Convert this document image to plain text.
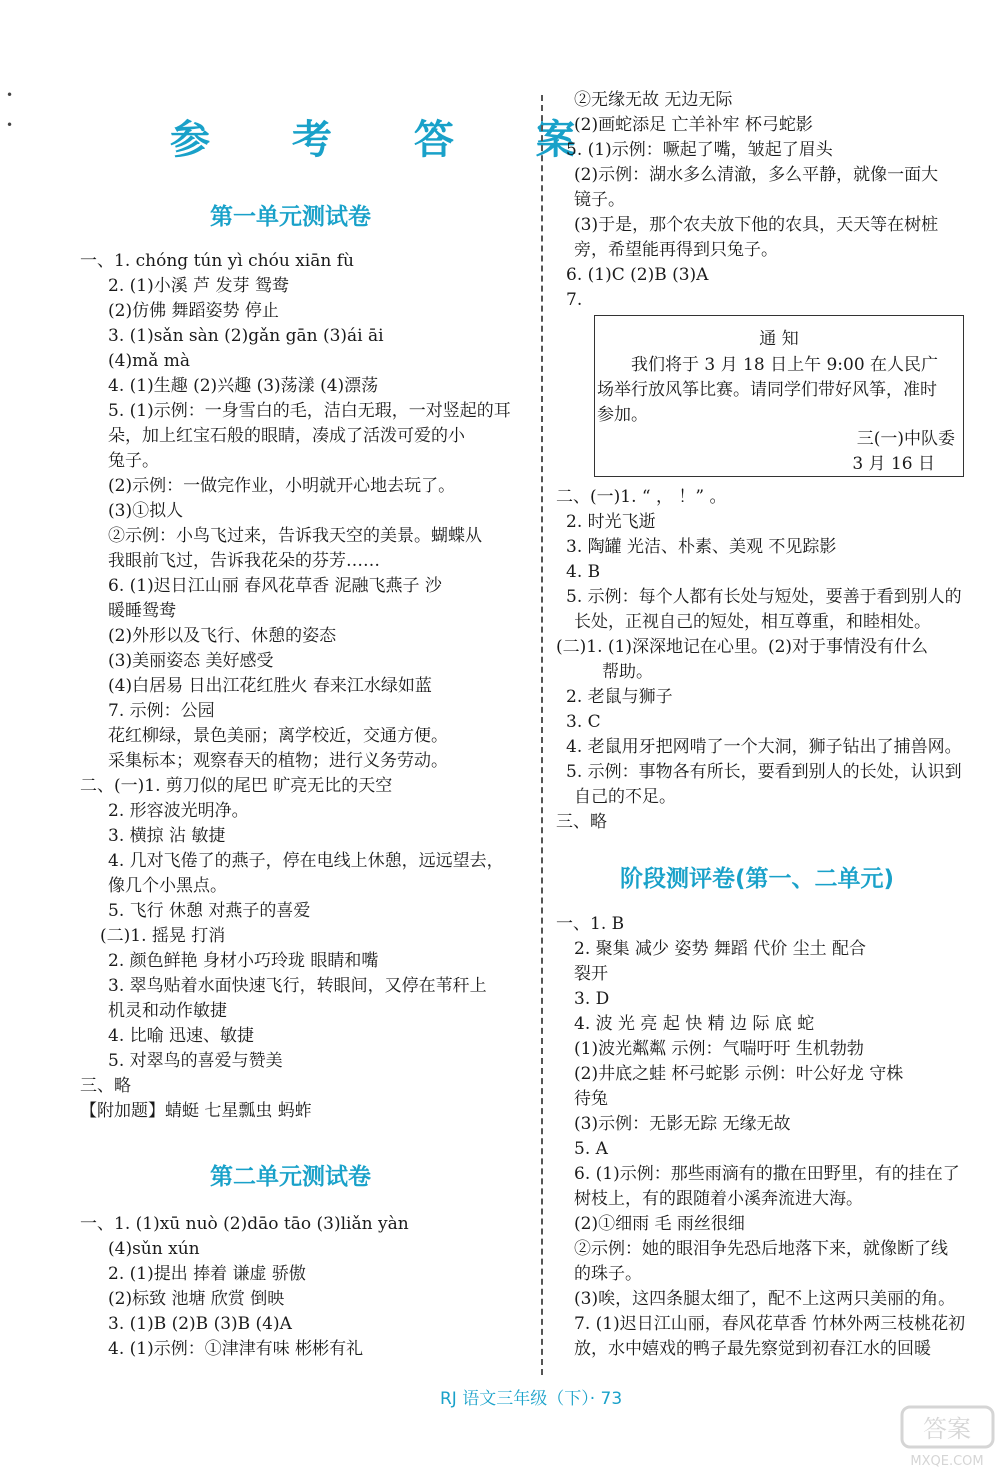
•
•	参 考 答 案
第一单元测试卷
第二单元测试卷
阶段测评卷(第一、二单元)
一、1. chóng tún yì chóu xiān fù
2. (1)小溪 芦 发芽 鸳鸯
(2)仿佛 舞蹈姿势 停止
3. (1)sǎn sàn (2)gǎn gān (3)ái āi
(4)mǎ mà
4. (1)生趣 (2)兴趣 (3)荡漾 (4)漂荡
5. (1)示例：一身雪白的毛，洁白无瑕，一对竖起的耳
朵，加上红宝石般的眼睛，凑成了活泼可爱的小
兔子。
(2)示例：一做完作业，小明就开心地去玩了。
(3)①拟人
②示例：小鸟飞过来，告诉我天空的美景。蝴蝶从
我眼前飞过，告诉我花朵的芬芳……
6. (1)迟日江山丽 春风花草香 泥融飞燕子 沙
暖睡鸳鸯
(2)外形以及飞行、休憩的姿态
(3)美丽姿态 美好感受
(4)白居易 日出江花红胜火 春来江水绿如蓝
7. 示例：公园
花红柳绿，景色美丽；离学校近，交通方便。
采集标本；观察春天的植物；进行义务劳动。
二、(一)1. 剪刀似的尾巴 旷亮无比的天空
2. 形容波光明净。
3. 横掠 沾 敏捷
4. 几对飞倦了的燕子，停在电线上休憩，远远望去，
像几个小黑点。
5. 飞行 休憩 对燕子的喜爱
(二)1. 摇晃 打消
2. 颜色鲜艳 身材小巧玲珑 眼睛和嘴
3. 翠鸟贴着水面快速飞行，转眼间，又停在苇秆上
机灵和动作敏捷
4. 比喻 迅速、敏捷
5. 对翠鸟的喜爱与赞美
三、略
【附加题】蜻蜓 七星瓢虫 蚂蚱
一、1. (1)xū nuò (2)dāo tāo (3)liǎn yàn
(4)sǔn xún
2. (1)提出 捧着 谦虚 骄傲
(2)标致 池塘 欣赏 倒映
3. (1)B (2)B (3)B (4)A
4. (1)示例：①津津有味 彬彬有礼
②无缘无故 无边无际
(2)画蛇添足 亡羊补牢 杯弓蛇影
5. (1)示例：噘起了嘴，皱起了眉头
(2)示例：湖水多么清澈，多么平静，就像一面大
镜子。
(3)于是，那个农夫放下他的农具，天天等在树桩
旁，希望能再得到只兔子。
6. (1)C (2)B (3)A
7.
二、(一)1. “ ， ！” 。
2. 时光飞逝
3. 陶罐 光洁、朴素、美观 不见踪影
4. B
5. 示例：每个人都有长处与短处，要善于看到别人的
长处，正视自己的短处，相互尊重，和睦相处。
(二)1. (1)深深地记在心里。(2)对于事情没有什么
帮助。
2. 老鼠与狮子
3. C
4. 老鼠用牙把网啃了一个大洞，狮子钻出了捕兽网。
5. 示例：事物各有所长，要看到别人的长处，认识到
自己的不足。
三、略
一、1. B
2. 聚集 减少 姿势 舞蹈 代价 尘土 配合
裂开
3. D
4. 波 光 亮 起 快 精 边 际 底 蛇
(1)波光粼粼 示例：气喘吁吁 生机勃勃
(2)井底之蛙 杯弓蛇影 示例：叶公好龙 守株
待兔
(3)示例：无影无踪 无缘无故
5. A
6. (1)示例：那些雨滴有的撒在田野里，有的挂在了
树枝上，有的跟随着小溪奔流进大海。
(2)①细雨 毛 雨丝很细
②示例：她的眼泪争先恐后地落下来，就像断了线
的珠子。
(3)唉，这四条腿太细了，配不上这两只美丽的角。
7. (1)迟日江山丽，春风花草香 竹林外两三枝桃花初
放，水中嬉戏的鸭子最先察觉到初春江水的回暖
通 知
我们将于 3 月 18 日上午 9:00 在人民广
场举行放风筝比赛。请同学们带好风筝，准时
参加。
三(一)中队委
3 月 16 日
RJ 语文三年级（下）· 73
答案
MXQE.COM
